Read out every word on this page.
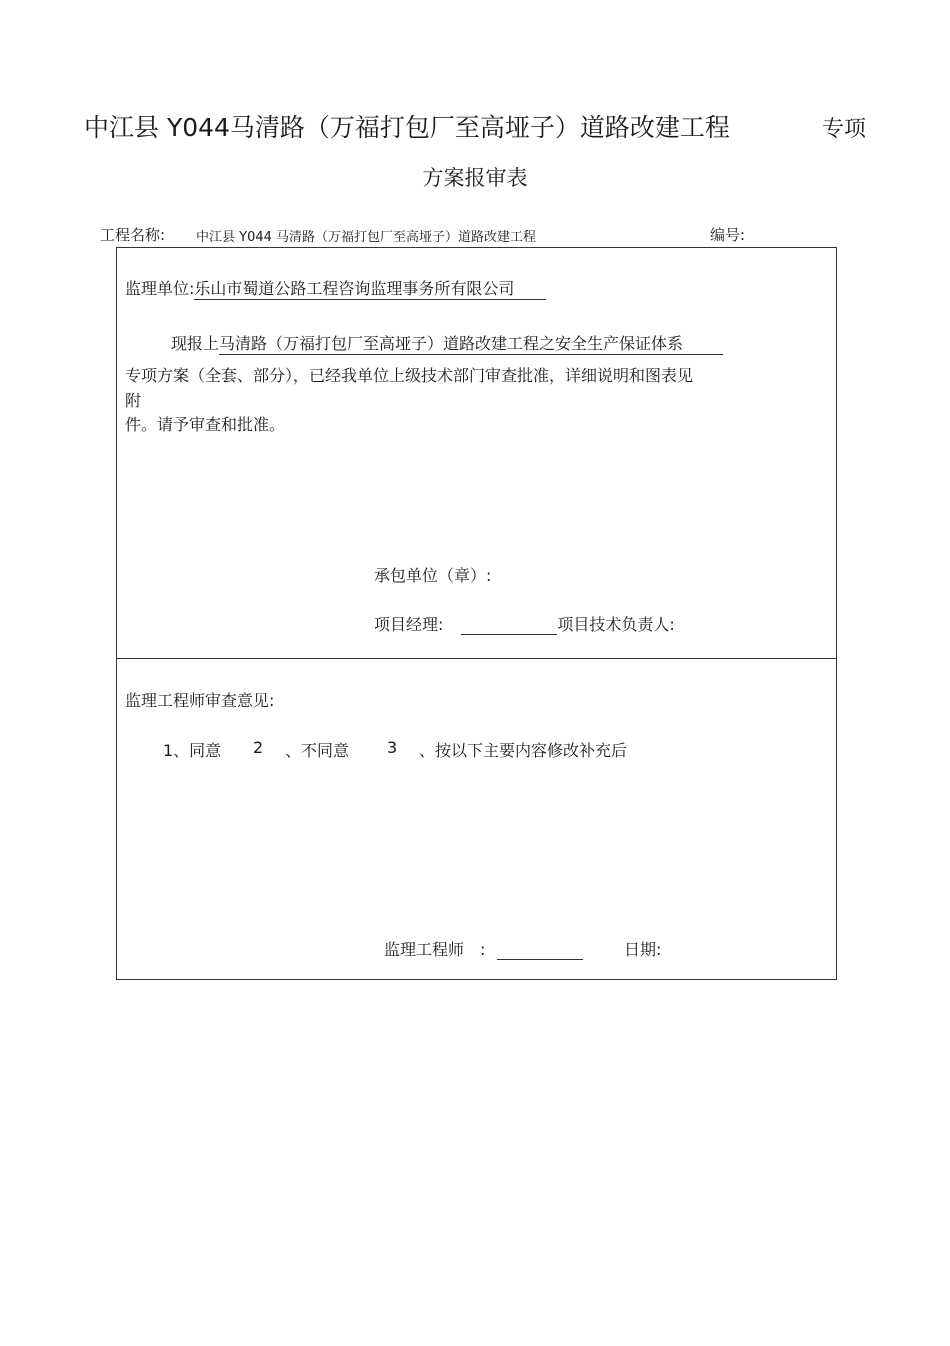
中江县 Y044马清路（万福打包厂至高垭子）道路改建工程	专项
方案报审表
工程名称: 中江县 Y044 马清路（万福打包厂至高垭子）道路改建工程	编号:
监理单位:乐山市蜀道公路工程咨询监理事务所有限公司
现报上马清路（万福打包厂至高垭子）道路改建工程之安全生产保证体系
专项方案（全套、部分），已经我单位上级技术部门审查批准，详细说明和图表见
附
件。请予审查和批准。
承包单位（章）:
项目经理:	项目技术负责人:
监理工程师审查意见:
1、同意 2 、不同意 3 、按以下主要内容修改补充后
监理工程师 :	日期:
